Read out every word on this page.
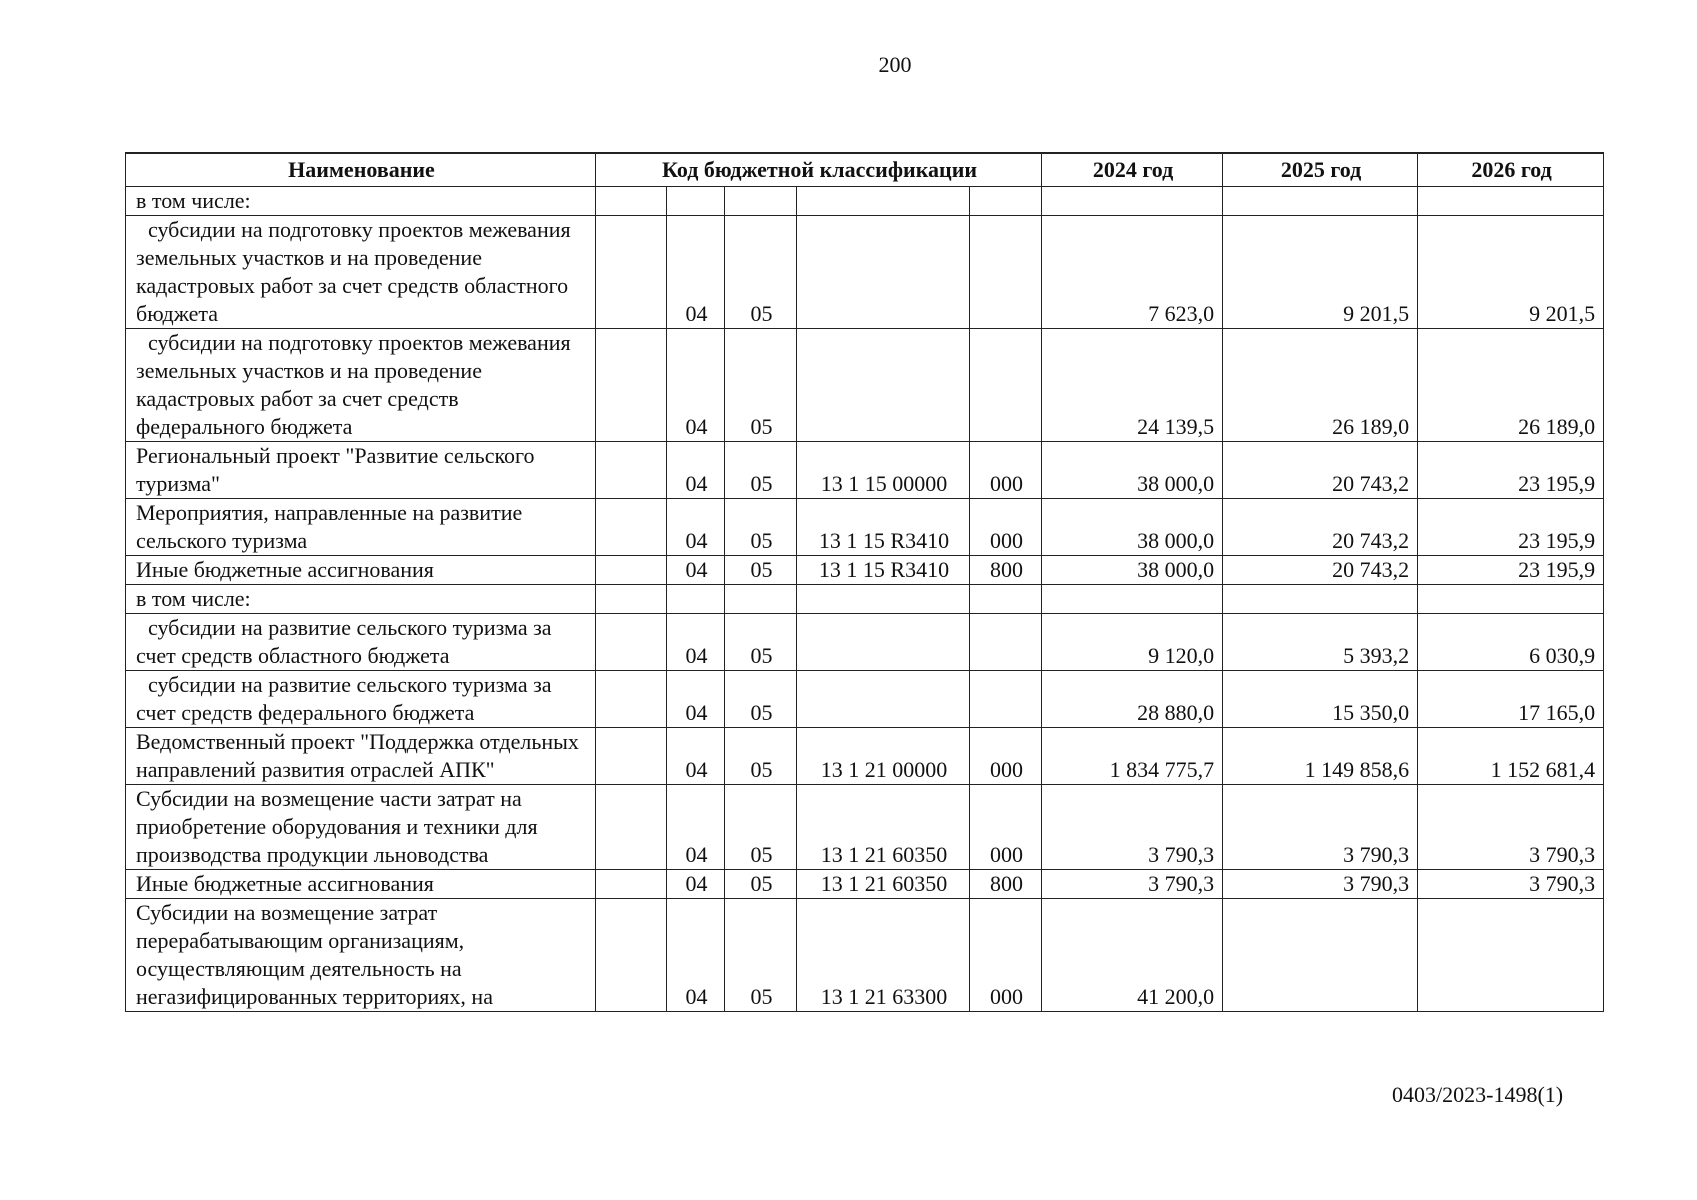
200
Наименование	Код бюджетной классификации					2024 год	2025 год	2026 год
в том числе:								
субсидии на подготовку проектов межевания земельных участков и на проведение кадастровых работ за счет средств областного бюджета		04	05			7 623,0	9 201,5	9 201,5
субсидии на подготовку проектов межевания земельных участков и на проведение кадастровых работ за счет средств федерального бюджета		04	05			24 139,5	26 189,0	26 189,0
Региональный проект "Развитие сельского туризма"		04	05	13 1 15 00000	000	38 000,0	20 743,2	23 195,9
Мероприятия, направленные на развитие сельского туризма		04	05	13 1 15 R3410	000	38 000,0	20 743,2	23 195,9
Иные бюджетные ассигнования		04	05	13 1 15 R3410	800	38 000,0	20 743,2	23 195,9
в том числе:								
субсидии на развитие сельского туризма за счет средств областного бюджета		04	05			9 120,0	5 393,2	6 030,9
субсидии на развитие сельского туризма за счет средств федерального бюджета		04	05			28 880,0	15 350,0	17 165,0
Ведомственный проект "Поддержка отдельных направлений развития отраслей АПК"		04	05	13 1 21 00000	000	1 834 775,7	1 149 858,6	1 152 681,4
Субсидии на возмещение части затрат на приобретение оборудования и техники для производства продукции льноводства		04	05	13 1 21 60350	000	3 790,3	3 790,3	3 790,3
Иные бюджетные ассигнования		04	05	13 1 21 60350	800	3 790,3	3 790,3	3 790,3
Субсидии на возмещение затрат перерабатывающим организациям, осуществляющим деятельность на негазифицированных территориях, на		04	05	13 1 21 63300	000	41 200,0		
0403/2023-1498(1)
